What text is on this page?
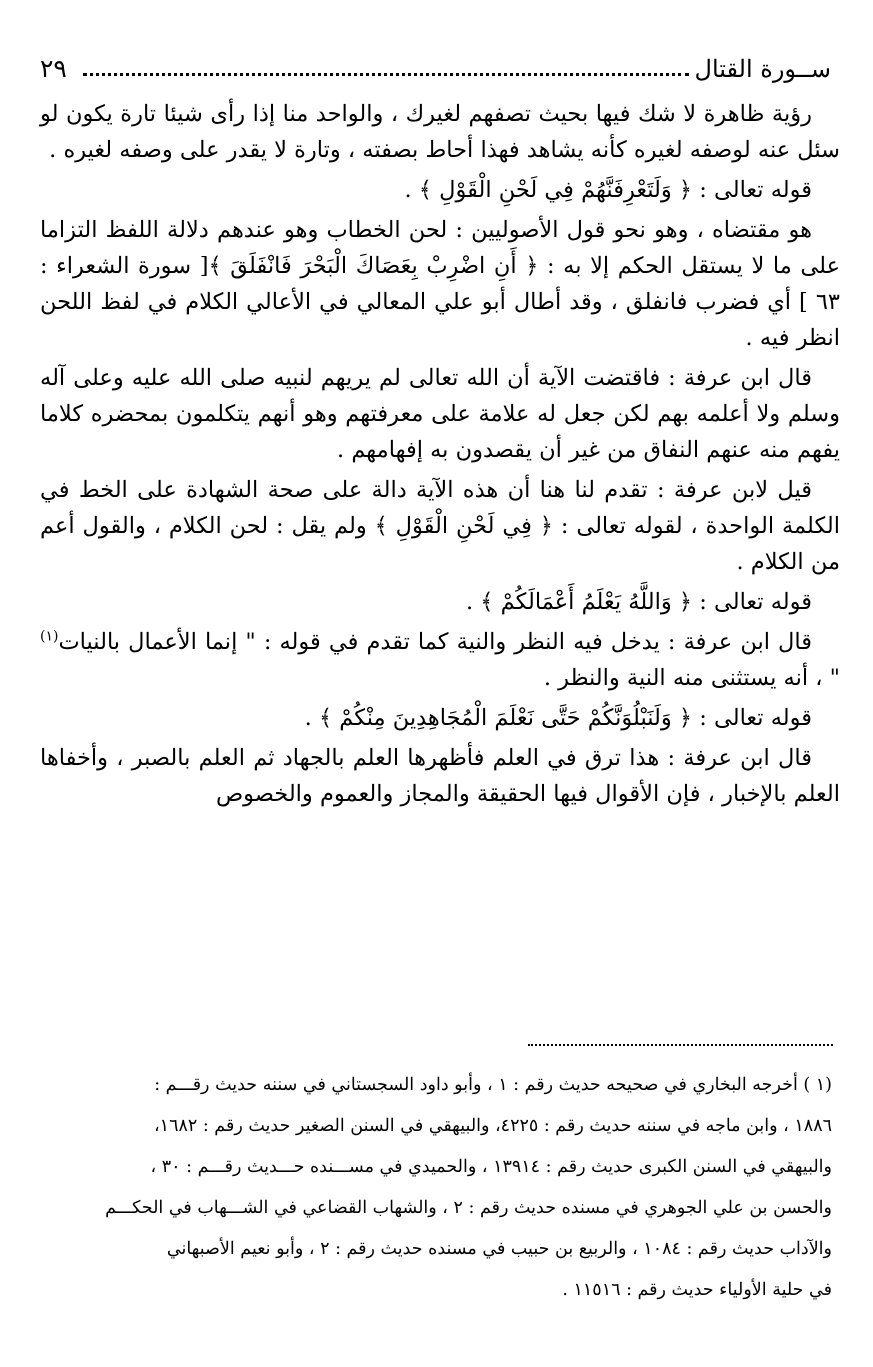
٢٩	ســورة القتال

رؤية ظاهرة لا شك فيها بحيث تصفهم لغيرك ، والواحد منا إذا رأى شيئا تارة يكون لو سئل عنه لوصفه لغيره كأنه يشاهد فهذا أحاط بصفته ، وتارة لا يقدر على وصفه لغيره .

قوله تعالى : ﴿ وَلَتَعْرِفَنَّهُمْ فِي لَحْنِ الْقَوْلِ ﴾ .

هو مقتضاه ، وهو نحو قول الأصوليين : لحن الخطاب وهو عندهم دلالة اللفظ التزاما على ما لا يستقل الحكم إلا به : ﴿ أَنِ اضْرِبْ بِعَصَاكَ الْبَحْرَ فَانْفَلَقَ ﴾[ سورة الشعراء : ٦٣ ] أي فضرب فانفلق ، وقد أطال أبو علي المعالي في الأعالي الكلام في لفظ اللحن انظر فيه .

قال ابن عرفة : فاقتضت الآية أن الله تعالى لم يريهم لنبيه صلى الله عليه وعلى آله وسلم ولا أعلمه بهم لكن جعل له علامة على معرفتهم وهو أنهم يتكلمون بمحضره كلاما يفهم منه عنهم النفاق من غير أن يقصدون به إفهامهم .

قيل لابن عرفة : تقدم لنا هنا أن هذه الآية دالة على صحة الشهادة على الخط في الكلمة الواحدة ، لقوله تعالى : ﴿ فِي لَحْنِ الْقَوْلِ ﴾ ولم يقل : لحن الكلام ، والقول أعم من الكلام .

قوله تعالى : ﴿ وَاللَّهُ يَعْلَمُ أَعْمَالَكُمْ ﴾ .

قال ابن عرفة : يدخل فيه النظر والنية كما تقدم في قوله : " إنما الأعمال بالنيات$^{(١)}$ " ، أنه يستثنى منه النية والنظر .

قوله تعالى : ﴿ وَلَنَبْلُوَنَّكُمْ حَتَّى نَعْلَمَ الْمُجَاهِدِينَ مِنْكُمْ ﴾ .

قال ابن عرفة : هذا ترق في العلم فأظهرها العلم بالجهاد ثم العلم بالصبر ، وأخفاها العلم بالإخبار ، فإن الأقوال فيها الحقيقة والمجاز والعموم والخصوص

(١ ) أخرجه البخاري في صحيحه حديث رقم : ١ ، وأبو داود السجستاني في سننه حديث رقـــم :

١٨٨٦ ، وابن ماجه في سننه حديث رقم : ٤٢٢٥، والبيهقي في السنن الصغير حديث رقم : ١٦٨٢،

والبيهقي في السنن الكبرى حديث رقم : ١٣٩١٤ ، والحميدي في مســـنده حـــديث رقـــم : ٣٠ ،

والحسن بن علي الجوهري في مسنده حديث رقم : ٢ ، والشهاب القضاعي في الشـــهاب في الحكـــم

والآداب حديث رقم : ١٠٨٤ ، والربيع بن حبيب في مسنده حديث رقم : ٢ ، وأبو نعيم الأصبهاني

في حلية الأولياء حديث رقم : ١١٥١٦ .
